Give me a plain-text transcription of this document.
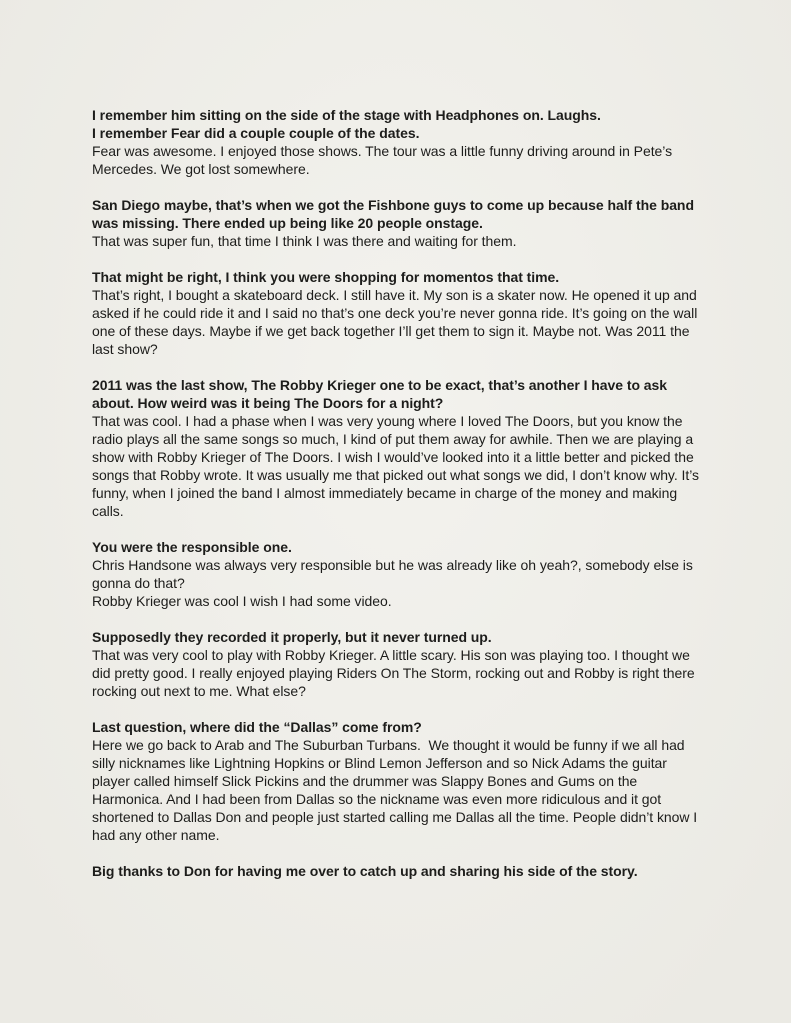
I remember him sitting on the side of the stage with Headphones on. Laughs.

I remember Fear did a couple couple of the dates.

Fear was awesome. I enjoyed those shows. The tour was a little funny driving around in Pete’s Mercedes. We got lost somewhere.

San Diego maybe, that’s when we got the Fishbone guys to come up because half the band was missing. There ended up being like 20 people onstage.

That was super fun, that time I think I was there and waiting for them.

That might be right, I think you were shopping for momentos that time.

That’s right, I bought a skateboard deck. I still have it. My son is a skater now. He opened it up and asked if he could ride it and I said no that’s one deck you’re never gonna ride. It’s going on the wall one of these days. Maybe if we get back together I’ll get them to sign it. Maybe not. Was 2011 the last show?

2011 was the last show, The Robby Krieger one to be exact, that’s another I have to ask about. How weird was it being The Doors for a night?

That was cool. I had a phase when I was very young where I loved The Doors, but you know the radio plays all the same songs so much, I kind of put them away for awhile. Then we are playing a show with Robby Krieger of The Doors. I wish I would’ve looked into it a little better and picked the songs that Robby wrote. It was usually me that picked out what songs we did, I don’t know why. It’s funny, when I joined the band I almost immediately became in charge of the money and making calls.

You were the responsible one.

Chris Handsone was always very responsible but he was already like oh yeah?, somebody else is gonna do that?

Robby Krieger was cool I wish I had some video.

Supposedly they recorded it properly, but it never turned up.

That was very cool to play with Robby Krieger. A little scary. His son was playing too. I thought we did pretty good. I really enjoyed playing Riders On The Storm, rocking out and Robby is right there rocking out next to me. What else?

Last question, where did the “Dallas” come from?

Here we go back to Arab and The Suburban Turbans.  We thought it would be funny if we all had silly nicknames like Lightning Hopkins or Blind Lemon Jefferson and so Nick Adams the guitar player called himself Slick Pickins and the drummer was Slappy Bones and Gums on the Harmonica. And I had been from Dallas so the nickname was even more ridiculous and it got shortened to Dallas Don and people just started calling me Dallas all the time. People didn’t know I had any other name.

Big thanks to Don for having me over to catch up and sharing his side of the story.
